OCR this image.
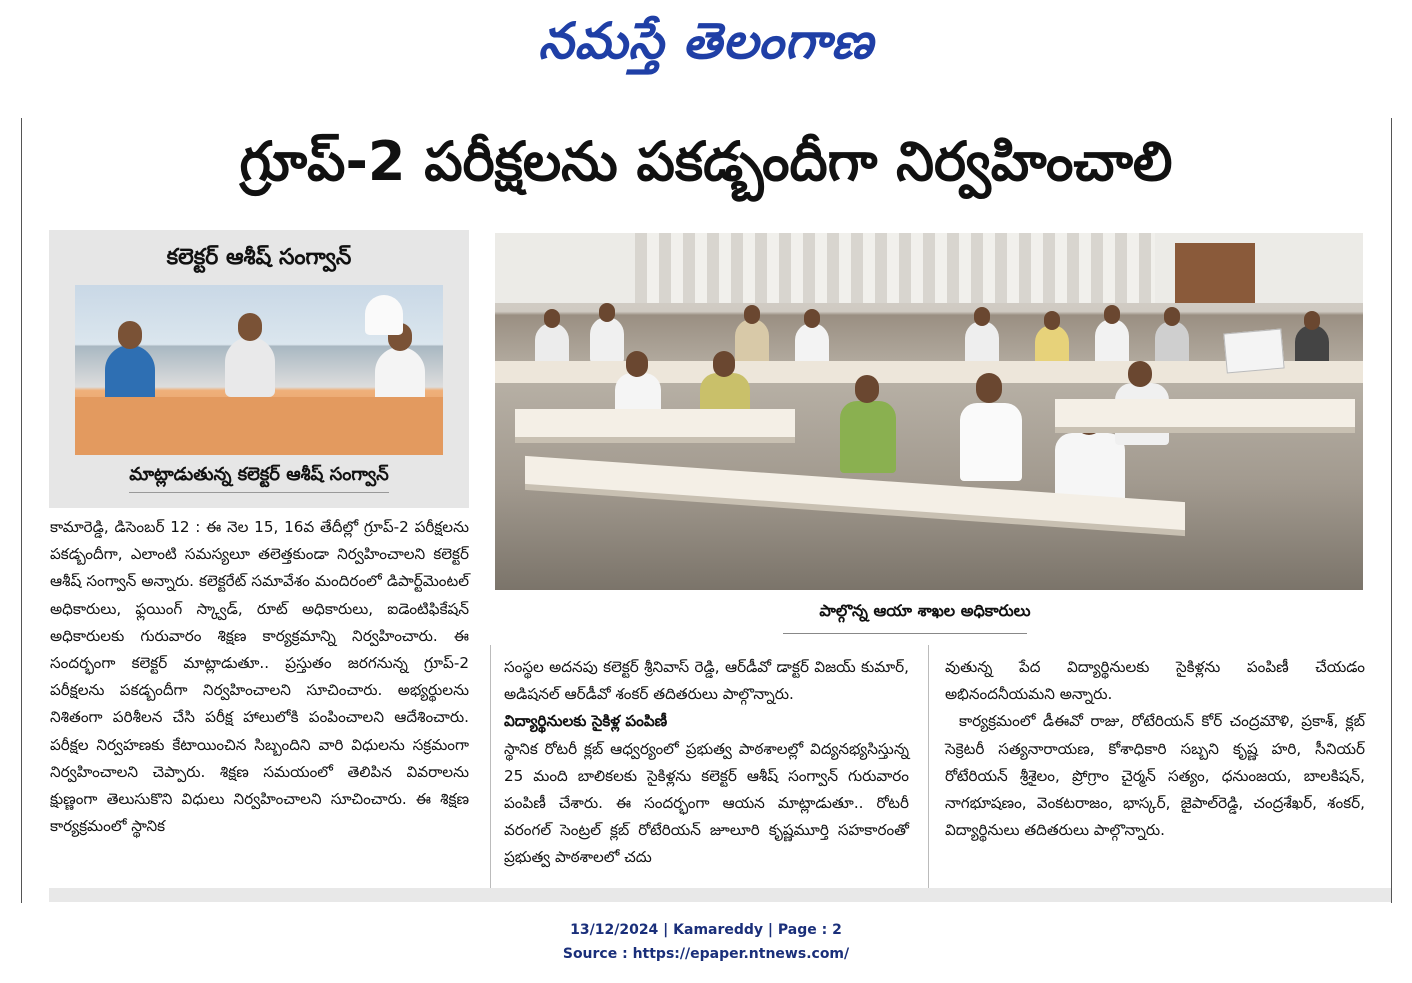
నమస్తే తెలంగాణ
గ్రూప్-2 పరీక్షలను పకడ్బందీగా నిర్వహించాలి
కలెక్టర్ ఆశీష్ సంగ్వాన్
మాట్లాడుతున్న కలెక్టర్ ఆశీష్ సంగ్వాన్
పాల్గొన్న ఆయా శాఖల అధికారులు

కామారెడ్డి, డిసెంబర్ 12 : ఈ నెల 15, 16వ తేదీల్లో గ్రూప్-2 పరీక్షలను పకడ్బందీగా, ఎలాంటి సమస్యలూ తలెత్తకుండా నిర్వహించాలని కలెక్టర్ ఆశీష్ సంగ్వాన్ అన్నారు. కలెక్టరేట్ సమావేశం మందిరంలో డిపార్ట్‌మెంటల్ అధికారులు, ఫ్లయింగ్ స్క్వాడ్, రూట్ అధికారులు, ఐడెంటిఫికేషన్ అధికారులకు గురువారం శిక్షణ కార్యక్రమాన్ని నిర్వహించారు. ఈ సందర్భంగా కలెక్టర్ మాట్లాడుతూ.. ప్రస్తుతం జరగనున్న గ్రూప్-2 పరీక్షలను పకడ్బందీగా నిర్వహించాలని సూచించారు. అభ్యర్థులను నిశితంగా పరిశీలన చేసి పరీక్ష హాలులోకి పంపించాలని ఆదేశించారు. పరీక్షల నిర్వహణకు కేటాయించిన సిబ్బందిని వారి విధులను సక్రమంగా నిర్వహించాలని చెప్పారు. శిక్షణ సమయంలో తెలిపిన వివరాలను క్షుణ్ణంగా తెలుసుకొని విధులు నిర్వహించాలని సూచించారు. ఈ శిక్షణ కార్యక్రమంలో స్థానిక

సంస్థల అదనపు కలెక్టర్ శ్రీనివాస్ రెడ్డి, ఆర్‌డీవో డాక్టర్ విజయ్ కుమార్, అడిషనల్ ఆర్‌డీవో శంకర్ తదితరులు పాల్గొన్నారు.

విద్యార్థినులకు సైకిళ్ల పంపిణీ

స్థానిక రోటరీ క్లబ్ ఆధ్వర్యంలో ప్రభుత్వ పాఠశాలల్లో విద్యనభ్యసిస్తున్న 25 మంది బాలికలకు సైకిళ్లను కలెక్టర్ ఆశీష్ సంగ్వాన్ గురువారం పంపిణీ చేశారు. ఈ సందర్భంగా ఆయన మాట్లాడుతూ.. రోటరీ వరంగల్ సెంట్రల్ క్లబ్ రోటేరియన్ జూలూరి కృష్ణమూర్తి సహకారంతో ప్రభుత్వ పాఠశాలలో చదు

వుతున్న పేద విద్యార్థినులకు సైకిళ్లను పంపిణీ చేయడం అభినందనీయమని అన్నారు.

కార్యక్రమంలో డీఈవో రాజు, రోటేరియన్ కోర్ చంద్రమౌళి, ప్రకాశ్, క్లబ్ సెక్రెటరీ సత్యనారాయణ, కోశాధికారి సబ్బని కృష్ణ హరి, సీనియర్ రోటేరియన్ శ్రీశైలం, ప్రోగ్రాం చైర్మన్ సత్యం, ధనుంజయ, బాలకిషన్, నాగభూషణం, వెంకటరాజం, భాస్కర్, జైపాల్‌రెడ్డి, చంద్రశేఖర్, శంకర్, విద్యార్థినులు తదితరులు పాల్గొన్నారు.

13/12/2024 | Kamareddy | Page : 2
Source : https://epaper.ntnews.com/
